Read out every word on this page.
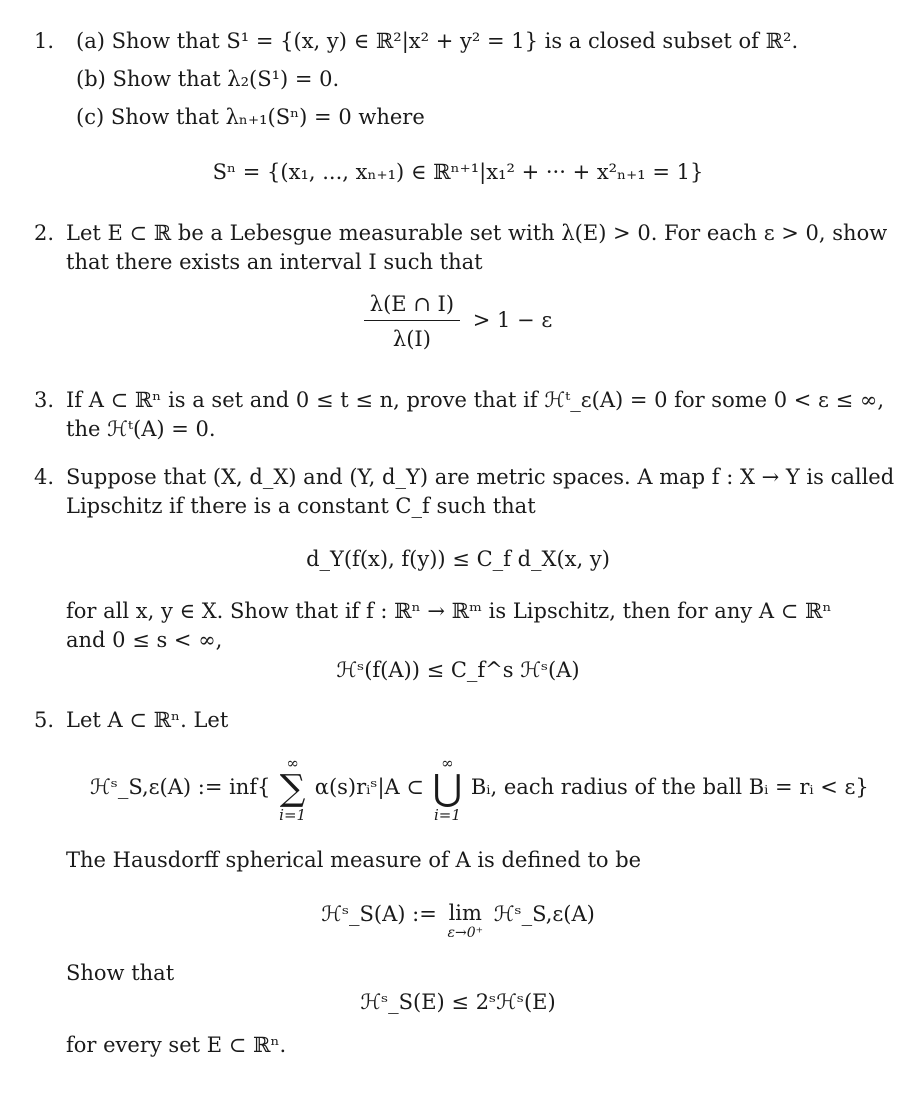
1. (a) Show that S¹ = {(x, y) ∈ ℝ²|x² + y² = 1} is a closed subset of ℝ².
(b) Show that λ₂(S¹) = 0.
(c) Show that λₙ₊₁(Sⁿ) = 0 where
Sⁿ = {(x₁, ..., xₙ₊₁) ∈ ℝⁿ⁺¹|x₁² + ··· + x²ₙ₊₁ = 1}
2. Let E ⊂ ℝ be a Lebesgue measurable set with λ(E) > 0. For each ε > 0, show
that there exists an interval I such that
$\frac{\lambda(E \cap I)}{\lambda(I)} > 1 - \varepsilon$
3. If A ⊂ ℝⁿ is a set and 0 ≤ t ≤ n, prove that if ℋᵗ_ε(A) = 0 for some 0 < ε ≤ ∞,
the ℋᵗ(A) = 0.
4. Suppose that (X, d_X) and (Y, d_Y) are metric spaces. A map f : X → Y is called
Lipschitz if there is a constant C_f such that
d_Y(f(x), f(y)) ≤ C_f d_X(x, y)
for all x, y ∈ X. Show that if f : ℝⁿ → ℝᵐ is Lipschitz, then for any A ⊂ ℝⁿ
and 0 ≤ s < ∞,
ℋˢ(f(A)) ≤ C_f^s ℋˢ(A)
5. Let A ⊂ ℝⁿ. Let
ℋˢ_S,ε(A) := inf{
∞
∑
i=1
α(s)rᵢˢ|A ⊂
∞
⋃
i=1
Bᵢ, each radius of the ball Bᵢ = rᵢ < ε}
The Hausdorff spherical measure of A is defined to be
ℋˢ_S(A) := lim
ε→0⁺
ℋˢ_S,ε(A)
Show that
ℋˢ_S(E) ≤ 2ˢℋˢ(E)
for every set E ⊂ ℝⁿ.
